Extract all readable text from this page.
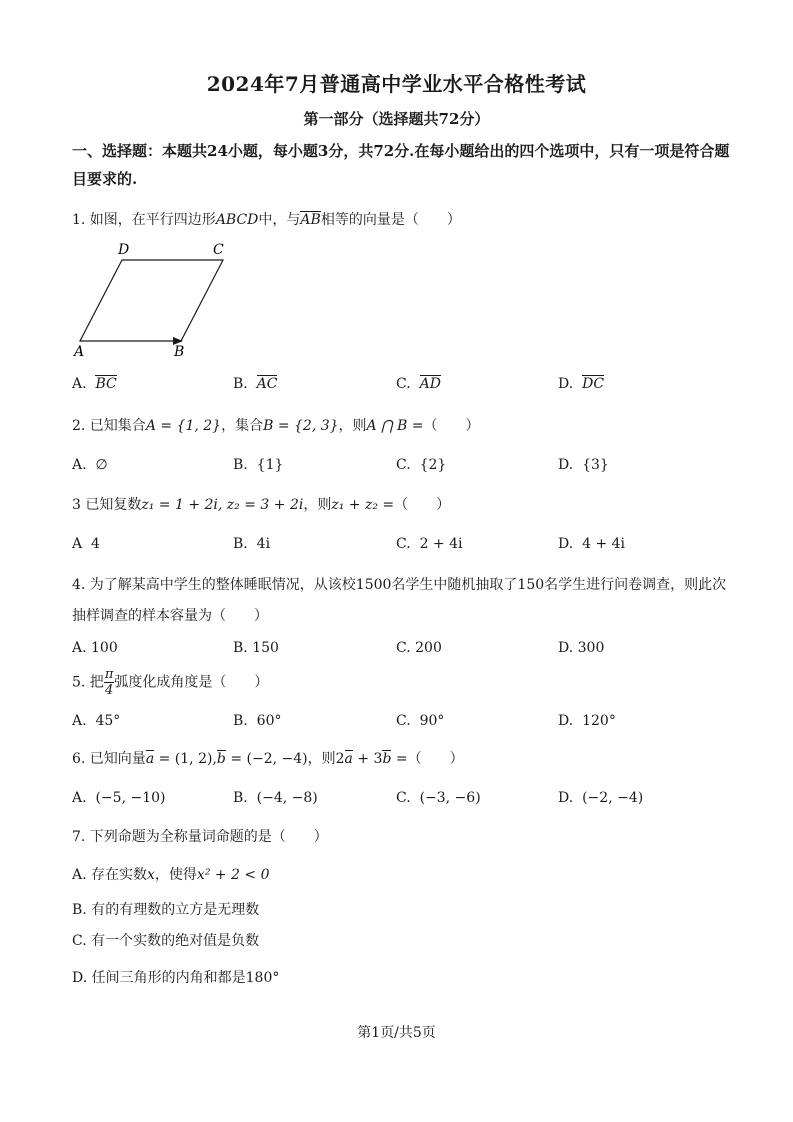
2024年7月普通高中学业水平合格性考试
第一部分（选择题共72分）
一、选择题：本题共24小题，每小题3分，共72分.在每小题给出的四个选项中，只有一项是符合题目要求的.
1. 如图，在平行四边形ABCD中，与AB相等的向量是（　　）
D	C
A	B
A. BC	B. AC	C. AD	D. DC
2. 已知集合A = {1, 2}，集合B = {2, 3}，则A ⋂ B =（　　）
A. ∅	B. {1}	C. {2}	D. {3}
3 已知复数z₁ = 1 + 2i, z₂ = 3 + 2i，则z₁ + z₂ =（　　）
A 4	B. 4i	C. 2 + 4i	D. 4 + 4i
4. 为了解某高中学生的整体睡眠情况，从该校1500名学生中随机抽取了150名学生进行问卷调查，则此次抽样调查的样本容量为（　　）
A. 100	B. 150	C. 200	D. 300
5. 把 $\frac{\pi}{4}$ 弧度化成角度是（　　）
A. 45°	B. 60°	C. 90°	D. 120°
6. 已知向量a = (1, 2),b = (−2, −4)，则2a + 3b =（　　）
A. (−5, −10)	B. (−4, −8)	C. (−3, −6)	D. (−2, −4)
7. 下列命题为全称量词命题的是（　　）
A. 存在实数x，使得x² + 2 < 0
B. 有的有理数的立方是无理数
C. 有一个实数的绝对值是负数
D. 任间三角形的内角和都是180°
第1页/共5页
